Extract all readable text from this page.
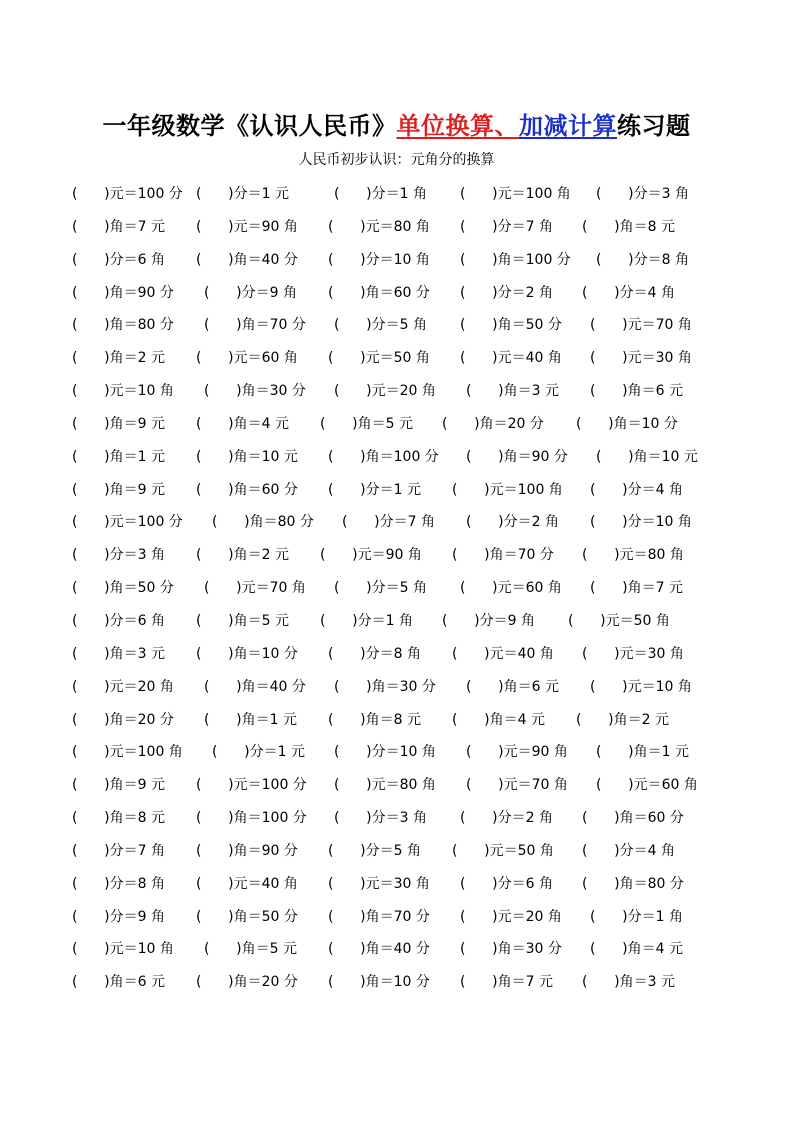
一年级数学《认识人民币》单位换算、加减计算练习题
人民币初步认识：元角分的换算
(      )元＝100 分 (      )分＝1 元	(      )分＝1 角 (      )元＝100 角 (      )分＝3 角
(      )角＝7 元 (      )元＝90 角 (      )元＝80 角 (      )分＝7 角 (      )角＝8 元
(      )分＝6 角 (      )角＝40 分 (      )分＝10 角 (      )角＝100 分 (      )分＝8 角
(      )角＝90 分 (      )分＝9 角 (      )角＝60 分 (      )分＝2 角 (      )分＝4 角
(      )角＝80 分 (      )角＝70 分 (      )分＝5 角 (      )角＝50 分 (      )元＝70 角
(      )角＝2 元 (      )元＝60 角 (      )元＝50 角 (      )元＝40 角 (      )元＝30 角
(      )元＝10 角 (      )角＝30 分 (      )元＝20 角 (      )角＝3 元 (      )角＝6 元
(      )角＝9 元 (      )角＝4 元 (      )角＝5 元 (      )角＝20 分 (      )角＝10 分
(      )角＝1 元 (      )角＝10 元 (      )角＝100 分 (      )角＝90 分 (      )角＝10 元
(      )角＝9 元 (      )角＝60 分 (      )分＝1 元 (      )元＝100 角 (      )分＝4 角
(      )元＝100 分 (      )角＝80 分 (      )分＝7 角 (      )分＝2 角 (      )分＝10 角
(      )分＝3 角 (      )角＝2 元 (      )元＝90 角 (      )角＝70 分 (      )元＝80 角
(      )角＝50 分 (      )元＝70 角 (      )分＝5 角 (      )元＝60 角 (      )角＝7 元
(      )分＝6 角 (      )角＝5 元 (      )分＝1 角 (      )分＝9 角 (      )元＝50 角
(      )角＝3 元 (      )角＝10 分 (      )分＝8 角 (      )元＝40 角 (      )元＝30 角
(      )元＝20 角 (      )角＝40 分 (      )角＝30 分 (      )角＝6 元 (      )元＝10 角
(      )角＝20 分 (      )角＝1 元 (      )角＝8 元 (      )角＝4 元 (      )角＝2 元
(      )元＝100 角 (      )分＝1 元 (      )分＝10 角 (      )元＝90 角 (      )角＝1 元
(      )角＝9 元 (      )元＝100 分 (      )元＝80 角 (      )元＝70 角 (      )元＝60 角
(      )角＝8 元 (      )角＝100 分 (      )分＝3 角 (      )分＝2 角 (      )角＝60 分
(      )分＝7 角 (      )角＝90 分 (      )分＝5 角 (      )元＝50 角 (      )分＝4 角
(      )分＝8 角 (      )元＝40 角 (      )元＝30 角 (      )分＝6 角 (      )角＝80 分
(      )分＝9 角 (      )角＝50 分 (      )角＝70 分 (      )元＝20 角 (      )分＝1 角
(      )元＝10 角 (      )角＝5 元 (      )角＝40 分 (      )角＝30 分 (      )角＝4 元
(      )角＝6 元 (      )角＝20 分 (      )角＝10 分 (      )角＝7 元 (      )角＝3 元
